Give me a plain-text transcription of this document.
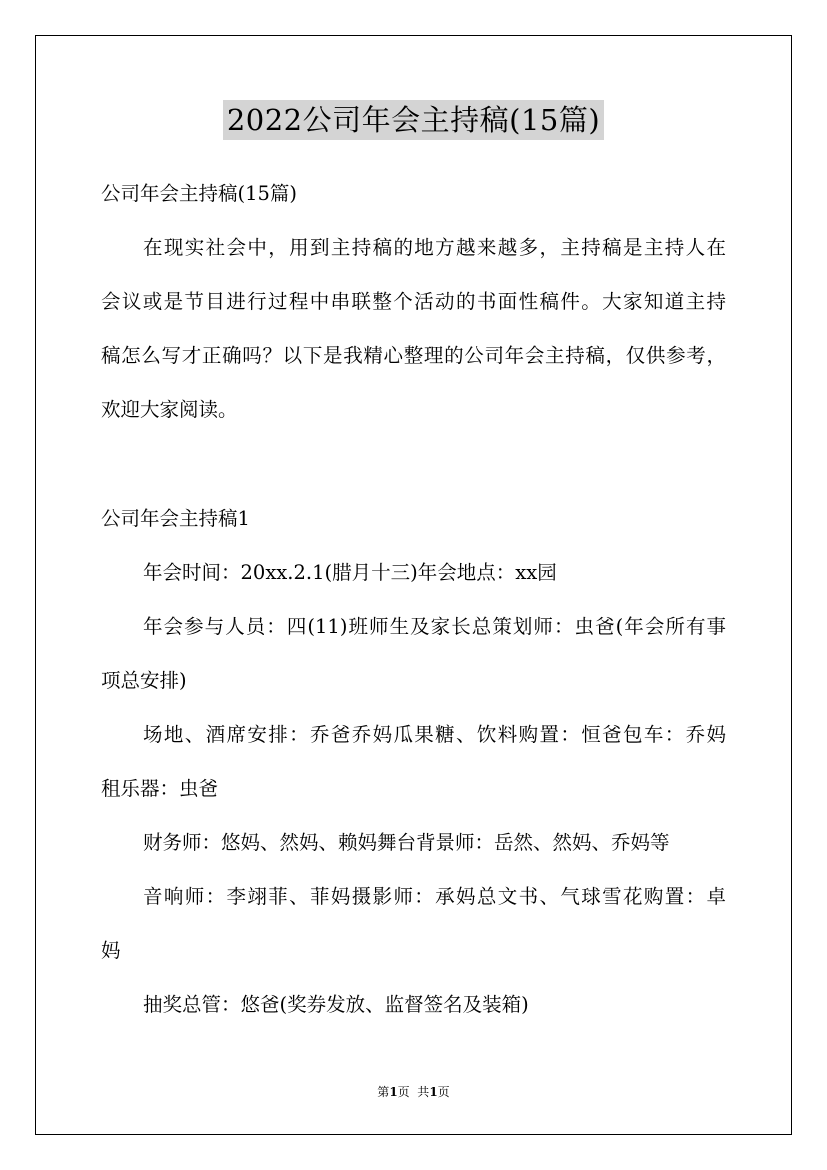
2022公司年会主持稿(15篇)
公司年会主持稿(15篇)
在现实社会中，用到主持稿的地方越来越多，主持稿是主持人在
会议或是节目进行过程中串联整个活动的书面性稿件。大家知道主持
稿怎么写才正确吗？以下是我精心整理的公司年会主持稿，仅供参考，
欢迎大家阅读。
公司年会主持稿1
年会时间：20xx.2.1(腊月十三)年会地点：xx园
年会参与人员：四(11)班师生及家长总策划师：虫爸(年会所有事
项总安排)
场地、酒席安排：乔爸乔妈瓜果糖、饮料购置：恒爸包车：乔妈
租乐器：虫爸
财务师：悠妈、然妈、赖妈舞台背景师：岳然、然妈、乔妈等
音响师：李翊菲、菲妈摄影师：承妈总文书、气球雪花购置：卓
妈
抽奖总管：悠爸(奖券发放、监督签名及装箱)
第1页  共1页
